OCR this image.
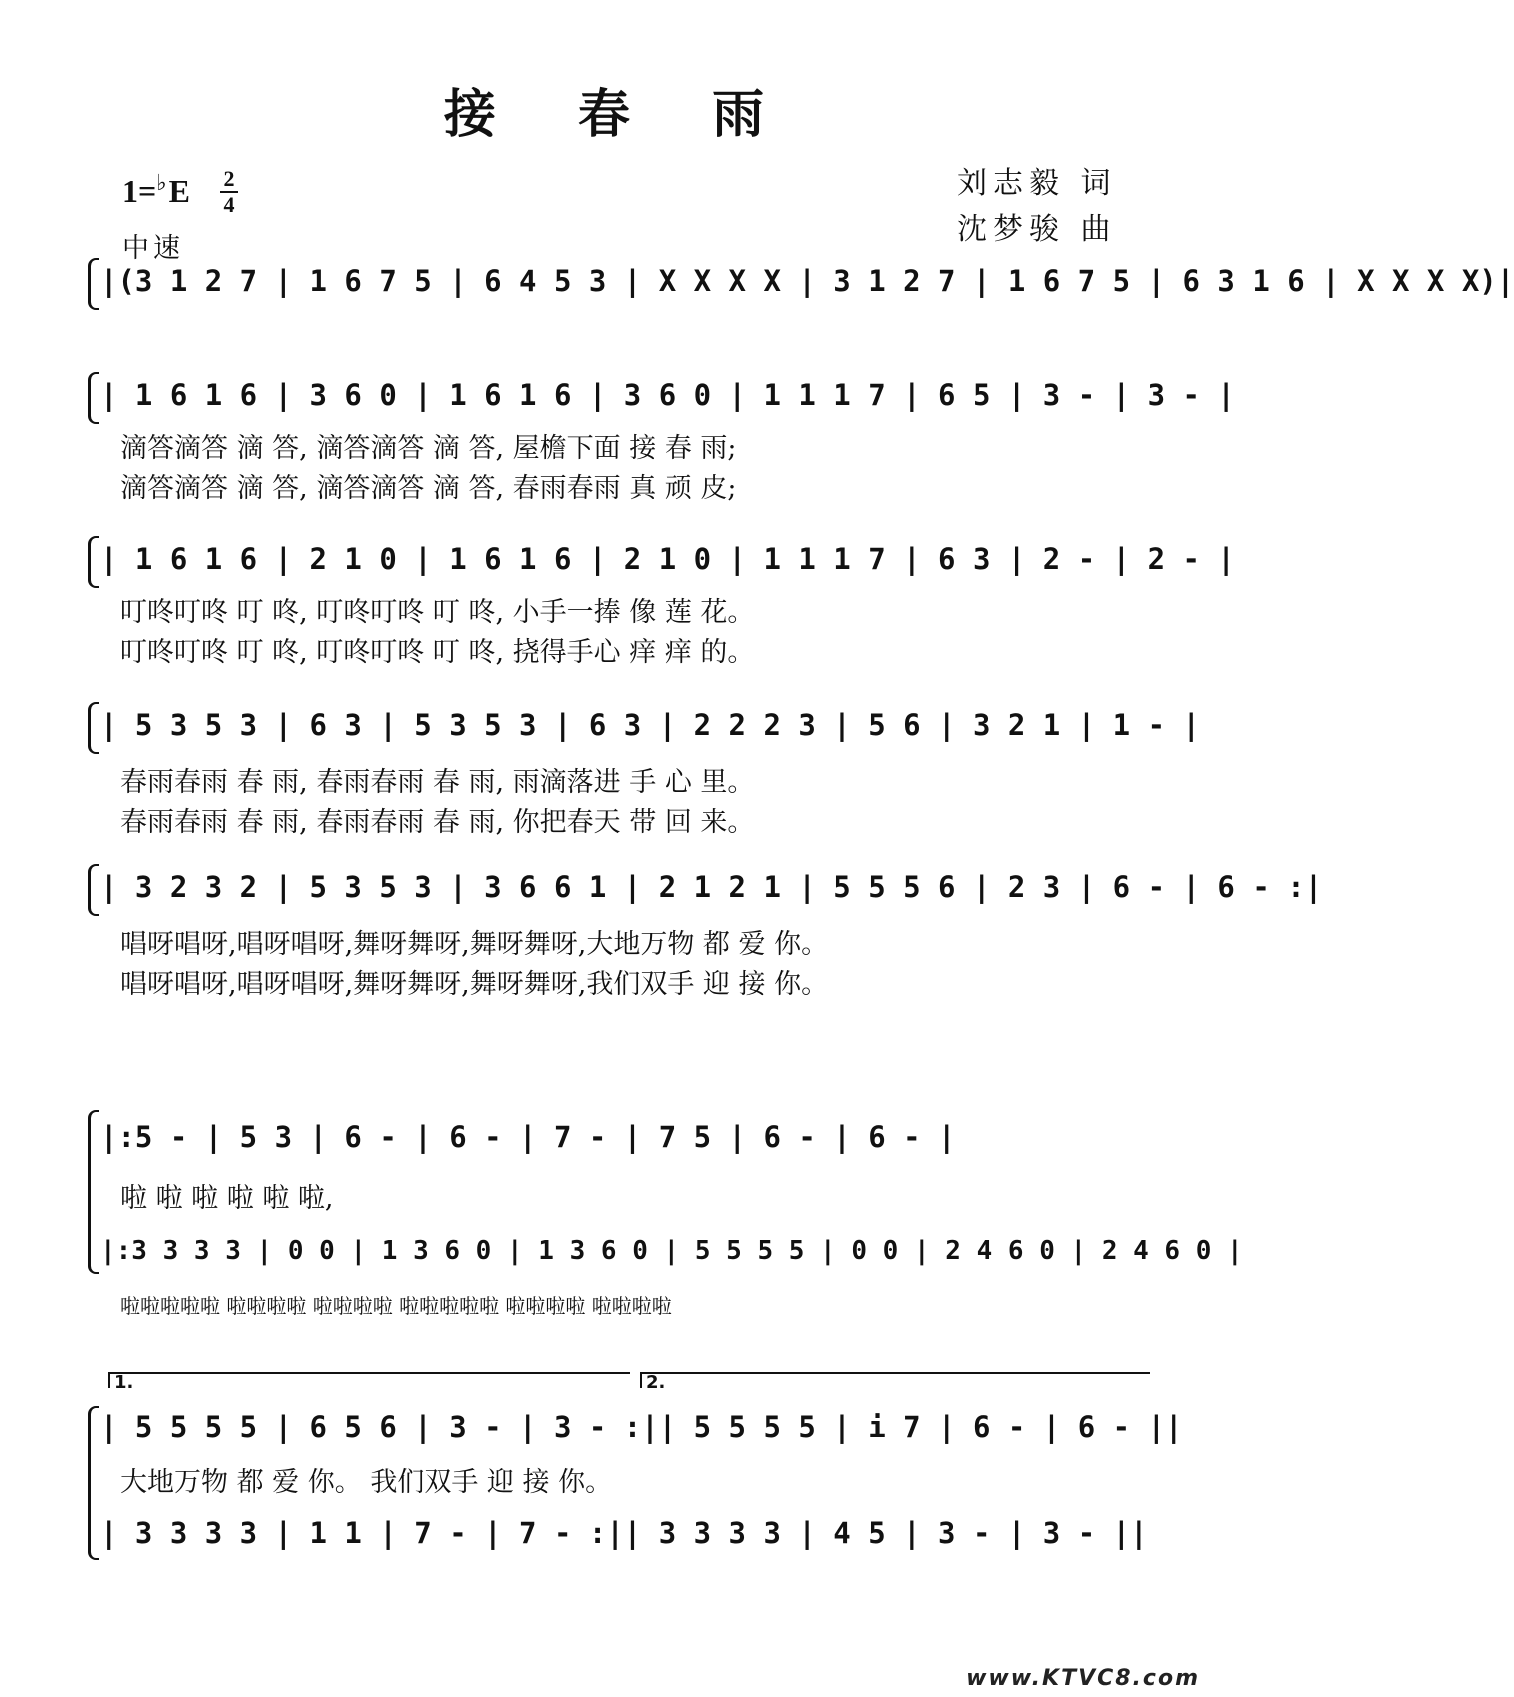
接 春 雨
1=♭E 2
4
中速
刘志毅 词
沈梦骏 曲
|(3 1 2 7 | 1 6 7 5 | 6 4 5 3 | X X X X | 3 1 2 7 | 1 6 7 5 | 6 3 1 6 | X X X X)|
| 1 6 1 6 | 3 6 0 | 1 6 1 6 | 3 6 0 | 1 1 1 7 | 6 5 | 3 - | 3 - |
滴答滴答 滴 答, 滴答滴答 滴 答, 屋檐下面 接 春 雨;
滴答滴答 滴 答, 滴答滴答 滴 答, 春雨春雨 真 顽 皮;
| 1 6 1 6 | 2 1 0 | 1 6 1 6 | 2 1 0 | 1 1 1 7 | 6 3 | 2 - | 2 - |
叮咚叮咚 叮 咚, 叮咚叮咚 叮 咚, 小手一捧 像 莲 花。
叮咚叮咚 叮 咚, 叮咚叮咚 叮 咚, 挠得手心 痒 痒 的。
| 5 3 5 3 | 6 3 | 5 3 5 3 | 6 3 | 2 2 2 3 | 5 6 | 3 2 1 | 1 - |
春雨春雨 春 雨, 春雨春雨 春 雨, 雨滴落进 手 心 里。
春雨春雨 春 雨, 春雨春雨 春 雨, 你把春天 带 回 来。
| 3 2 3 2 | 5 3 5 3 | 3 6 6 1 | 2 1 2 1 | 5 5 5 6 | 2 3 | 6 - | 6 - :|
唱呀唱呀,唱呀唱呀,舞呀舞呀,舞呀舞呀,大地万物 都 爱 你。
唱呀唱呀,唱呀唱呀,舞呀舞呀,舞呀舞呀,我们双手 迎 接 你。
|:5 - | 5 3 | 6 - | 6 - | 7 - | 7 5 | 6 - | 6 - |
啦 啦 啦 啦 啦 啦,
|:3 3 3 3 | 0 0 | 1 3 6 0 | 1 3 6 0 | 5 5 5 5 | 0 0 | 2 4 6 0 | 2 4 6 0 |
啦啦啦啦啦 啦啦啦啦 啦啦啦啦 啦啦啦啦啦 啦啦啦啦 啦啦啦啦
1.	2.
| 5 5 5 5 | 6 5 6 | 3 - | 3 - :|| 5 5 5 5 | i 7 | 6 - | 6 - ||
大地万物 都 爱 你。 我们双手 迎 接 你。
| 3 3 3 3 | 1 1 | 7 - | 7 - :|| 3 3 3 3 | 4 5 | 3 - | 3 - ||
www.KTVC8.com
